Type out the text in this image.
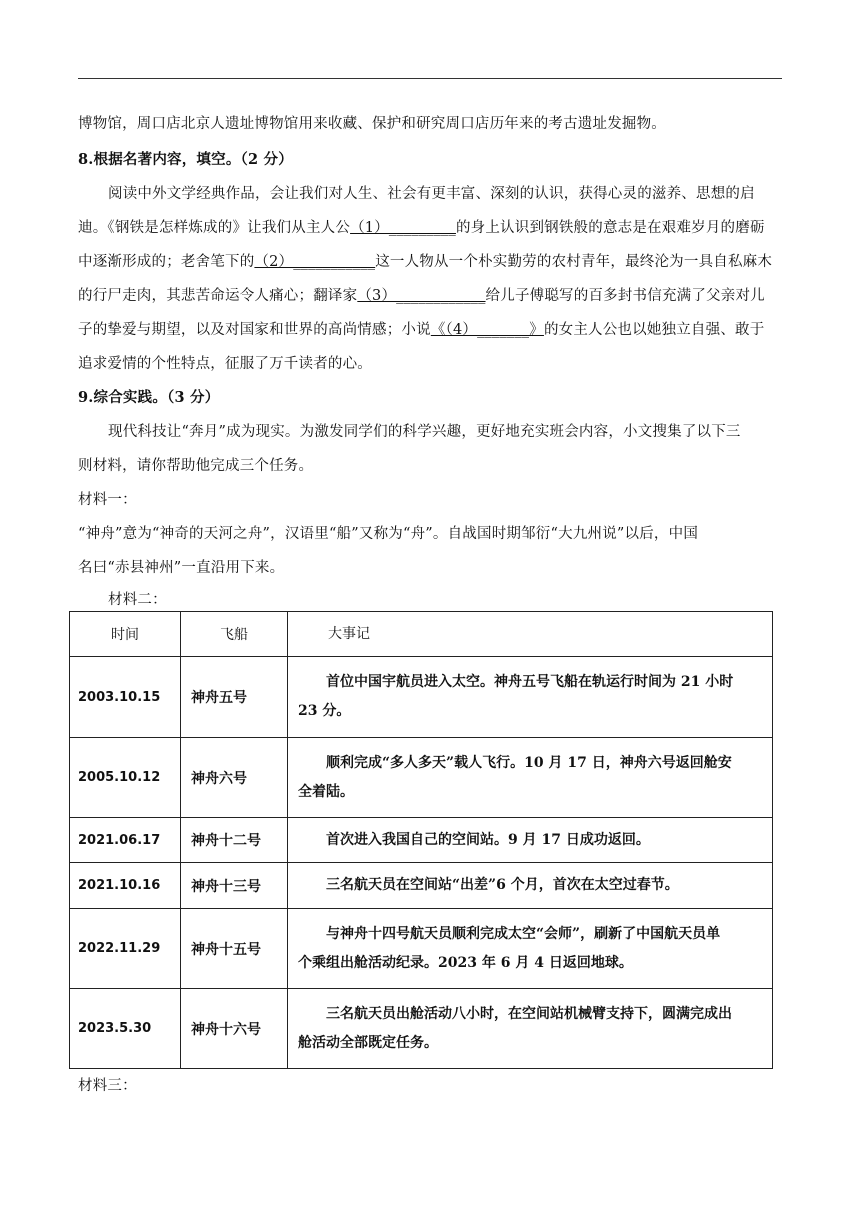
博物馆，周口店北京人遗址博物馆用来收藏、保护和研究周口店历年来的考古遗址发掘物。
8.根据名著内容，填空。（2 分）
阅读中外文学经典作品，会让我们对人生、社会有更丰富、深刻的认识，获得心灵的滋养、思想的启
迪。《钢铁是怎样炼成的》让我们从主人公（1）_________的身上认识到钢铁般的意志是在艰难岁月的磨砺
中逐渐形成的；老舍笔下的（2）___________这一人物从一个朴实勤劳的农村青年，最终沦为一具自私麻木
的行尸走肉，其悲苦命运令人痛心；翻译家（3）____________给儿子傅聪写的百多封书信充满了父亲对儿
子的挚爱与期望，以及对国家和世界的高尚情感；小说《（4）_______》的女主人公也以她独立自强、敢于
追求爱情的个性特点，征服了万千读者的心。
9.综合实践。（3 分）
现代科技让“奔月”成为现实。为激发同学们的科学兴趣，更好地充实班会内容，小文搜集了以下三
则材料，请你帮助他完成三个任务。
材料一：
“神舟”意为“神奇的天河之舟”，汉语里“船”又称为“舟”。自战国时期邹衍“大九州说”以后，中国
名曰“赤县神州”一直沿用下来。
材料二：
时间	飞船	大事记
2003.10.15	神舟五号	首位中国宇航员进入太空。神舟五号飞船在轨运行时间为 21 小时
23 分。
2005.10.12	神舟六号	顺利完成“多人多天”载人飞行。10 月 17 日，神舟六号返回舱安
全着陆。
2021.06.17	神舟十二号	首次进入我国自己的空间站。9 月 17 日成功返回。

2021.10.16	神舟十三号	三名航天员在空间站“出差”6 个月，首次在太空过春节。

2022.11.29	神舟十五号	与神舟十四号航天员顺利完成太空“会师”，刷新了中国航天员单
个乘组出舱活动纪录。2023 年 6 月 4 日返回地球。
2023.5.30	神舟十六号	三名航天员出舱活动八小时，在空间站机械臂支持下，圆满完成出
舱活动全部既定任务。
材料三：
